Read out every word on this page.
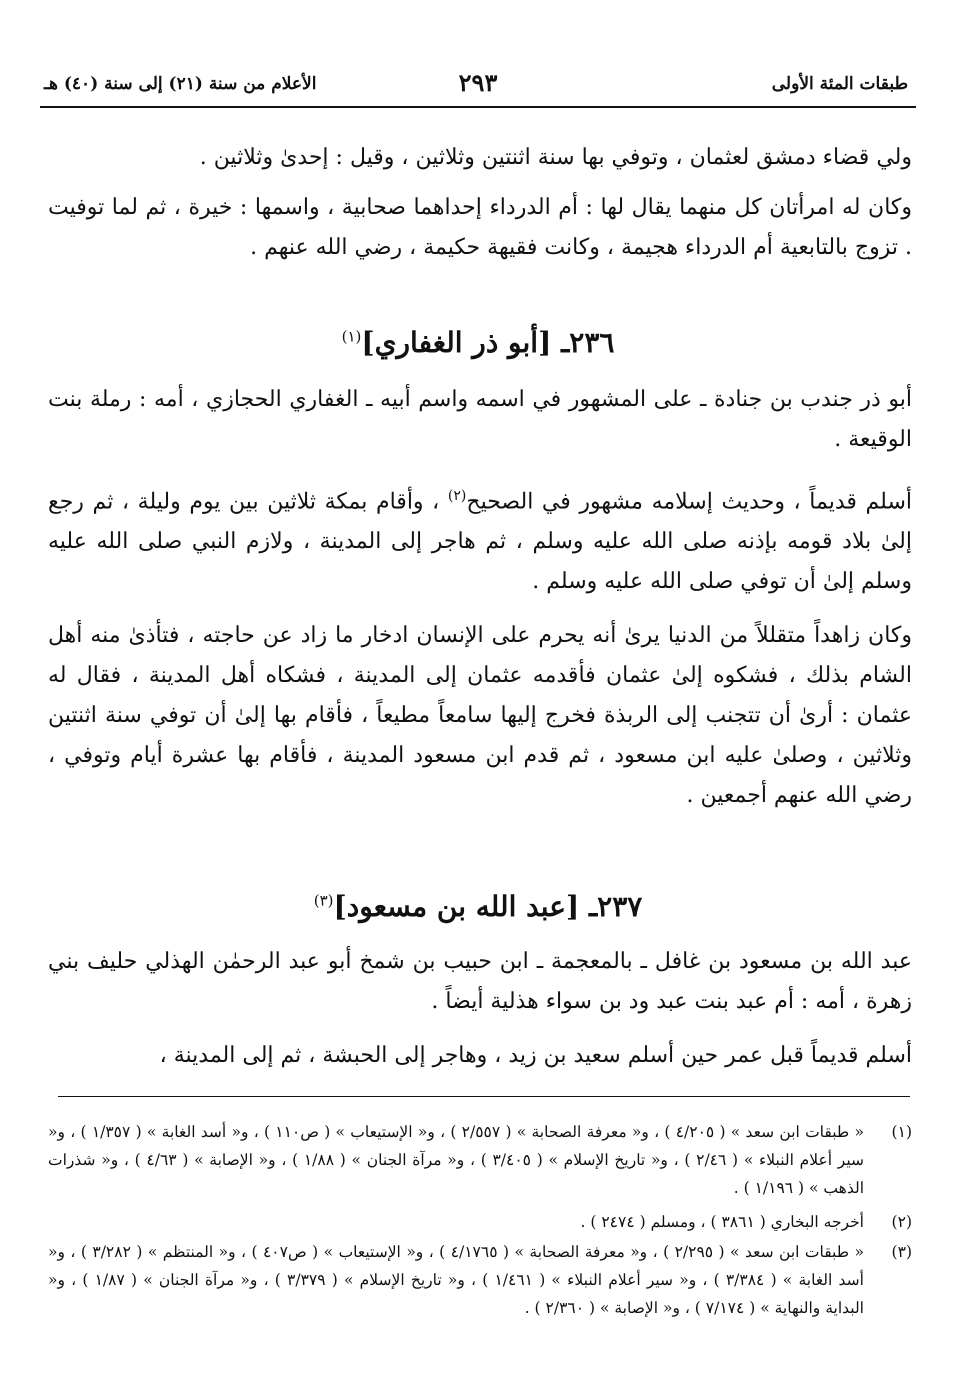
طبقات المئة الأولى
٢٩٣
الأعلام من سنة (٢١) إلى سنة (٤٠) هـ

ولي قضاء دمشق لعثمان ، وتوفي بها سنة اثنتين وثلاثين ، وقيل : إحدىٰ وثلاثين .

وكان له امرأتان كل منهما يقال لها : أم الدرداء إحداهما صحابية ، واسمها : خيرة ، ثم لما توفيت . تزوج بالتابعية أم الدرداء هجيمة ، وكانت فقيهة حكيمة ، رضي الله عنهم .

٢٣٦ـ [أبو ذر الغفاري]$^{(١)}$

أبو ذر جندب بن جنادة ـ على المشهور في اسمه واسم أبيه ـ الغفاري الحجازي ، أمه : رملة بنت الوقيعة .

أسلم قديماً ، وحديث إسلامه مشهور في الصحيح$^{(٢)}$ ، وأقام بمكة ثلاثين بين يوم وليلة ، ثم رجع إلىٰ بلاد قومه بإذنه صلى الله عليه وسلم ، ثم هاجر إلى المدينة ، ولازم النبي صلى الله عليه وسلم إلىٰ أن توفي صلى الله عليه وسلم .

وكان زاهداً متقللاً من الدنيا يرىٰ أنه يحرم على الإنسان ادخار ما زاد عن حاجته ، فتأذىٰ منه أهل الشام بذلك ، فشكوه إلىٰ عثمان فأقدمه عثمان إلى المدينة ، فشكاه أهل المدينة ، فقال له عثمان : أرىٰ أن تتجنب إلى الربذة فخرج إليها سامعاً مطيعاً ، فأقام بها إلىٰ أن توفي سنة اثنتين وثلاثين ، وصلىٰ عليه ابن مسعود ، ثم قدم ابن مسعود المدينة ، فأقام بها عشرة أيام وتوفي ، رضي الله عنهم أجمعين .

٢٣٧ـ [عبد الله بن مسعود]$^{(٣)}$

عبد الله بن مسعود بن غافل ـ بالمعجمة ـ ابن حبيب بن شمخ أبو عبد الرحمٰن الهذلي حليف بني زهرة ، أمه : أم عبد بنت عبد ود بن سواء هذلية أيضاً .

أسلم قديماً قبل عمر حين أسلم سعيد بن زيد ، وهاجر إلى الحبشة ، ثم إلى المدينة ،

(١)
« طبقات ابن سعد » ( ٤/٢٠٥ ) ، و« معرفة الصحابة » ( ٢/٥٥٧ ) ، و« الإستيعاب » ( ص١١٠ ) ، و« أسد الغابة » ( ١/٣٥٧ ) ، و« سير أعلام النبلاء » ( ٢/٤٦ ) ، و« تاريخ الإسلام » ( ٣/٤٠٥ ) ، و« مرآة الجنان » ( ١/٨٨ ) ، و« الإصابة » ( ٤/٦٣ ) ، و« شذرات الذهب » ( ١/١٩٦ ) .
(٢)
أخرجه البخاري ( ٣٨٦١ ) ، ومسلم ( ٢٤٧٤ ) .
(٣)
« طبقات ابن سعد » ( ٢/٢٩٥ ) ، و« معرفة الصحابة » ( ٤/١٧٦٥ ) ، و« الإستيعاب » ( ص٤٠٧ ) ، و« المنتظم » ( ٣/٢٨٢ ) ، و« أسد الغابة » ( ٣/٣٨٤ ) ، و« سير أعلام النبلاء » ( ١/٤٦١ ) ، و« تاريخ الإسلام » ( ٣/٣٧٩ ) ، و« مرآة الجنان » ( ١/٨٧ ) ، و« البداية والنهاية » ( ٧/١٧٤ ) ، و« الإصابة » ( ٢/٣٦٠ ) .
